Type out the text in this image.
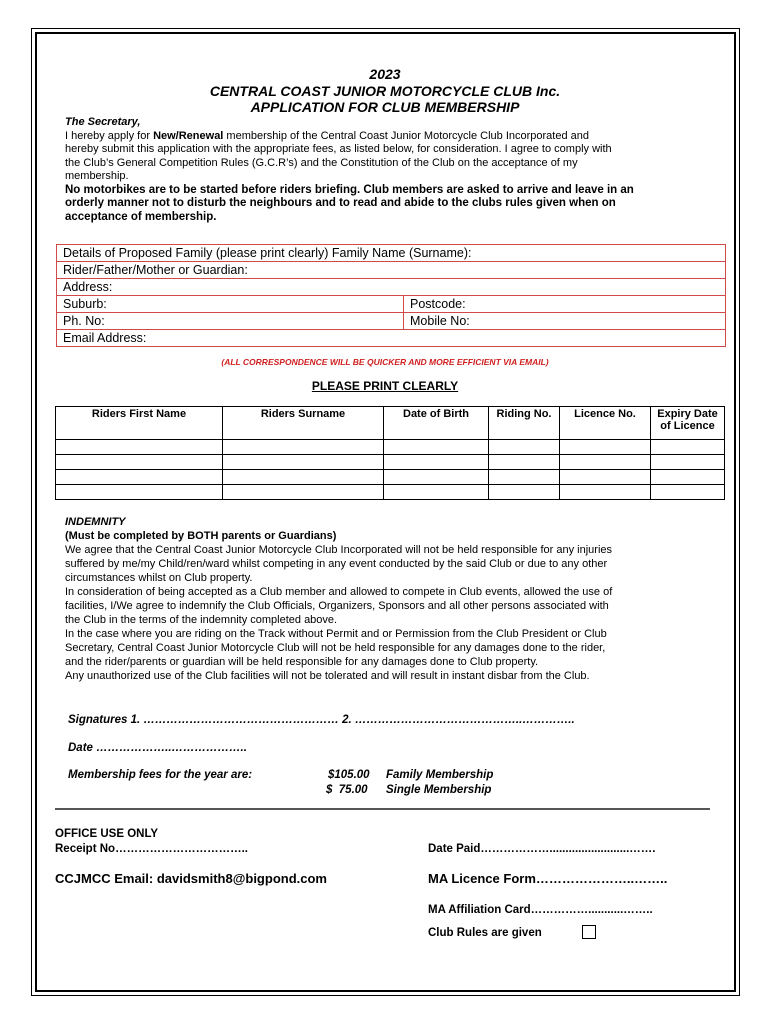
2023
CENTRAL COAST JUNIOR MOTORCYCLE CLUB Inc.
APPLICATION FOR CLUB MEMBERSHIP
The Secretary,
I hereby apply for New/Renewal membership of the Central Coast Junior Motorcycle Club Incorporated and
hereby submit this application with the appropriate fees, as listed below, for consideration. I agree to comply with
the Club’s General Competition Rules (G.C.R’s) and the Constitution of the Club on the acceptance of my
membership.
No motorbikes are to be started before riders briefing. Club members are asked to arrive and leave in an
orderly manner not to disturb the neighbours and to read and abide to the clubs rules given when on
acceptance of membership.
Details of Proposed Family (please print clearly) Family Name (Surname):
Rider/Father/Mother or Guardian:
Address:
Suburb:	Postcode:
Ph. No:	Mobile No:
Email Address:
(ALL CORRESPONDENCE WILL BE QUICKER AND MORE EFFICIENT VIA EMAIL)
PLEASE PRINT CLEARLY
Riders First Name	Riders Surname	Date of Birth	Riding No.	Licence No.	Expiry Date of Licence

INDEMNITY
(Must be completed by BOTH parents or Guardians)
We agree that the Central Coast Junior Motorcycle Club Incorporated will not be held responsible for any injuries
suffered by me/my Child/ren/ward whilst competing in any event conducted by the said Club or due to any other
circumstances whilst on Club property.
In consideration of being accepted as a Club member and allowed to compete in Club events, allowed the use of
facilities, I/We agree to indemnify the Club Officials, Organizers, Sponsors and all other persons associated with
the Club in the terms of the indemnity completed above.
In the case where you are riding on the Track without Permit and or Permission from the Club President or Club
Secretary, Central Coast Junior Motorcycle Club will not be held responsible for any damages done to the rider,
and the rider/parents or guardian will be held responsible for any damages done to Club property.
Any unauthorized use of the Club facilities will not be tolerated and will result in instant disbar from the Club.
Signatures 1. …………………………………………… 2. ……………………………………..…………..
Date ………………..………………..
Membership fees for the year are:	$105.00 Family Membership
$  75.00 Single Membership
OFFICE USE ONLY
Receipt No……………………………..	Date Paid……………….........................…….
CCJMCC Email: davidsmith8@bigpond.com	MA Licence Form…………………..……..
MA Affiliation Card……………...........……..
Club Rules are given
